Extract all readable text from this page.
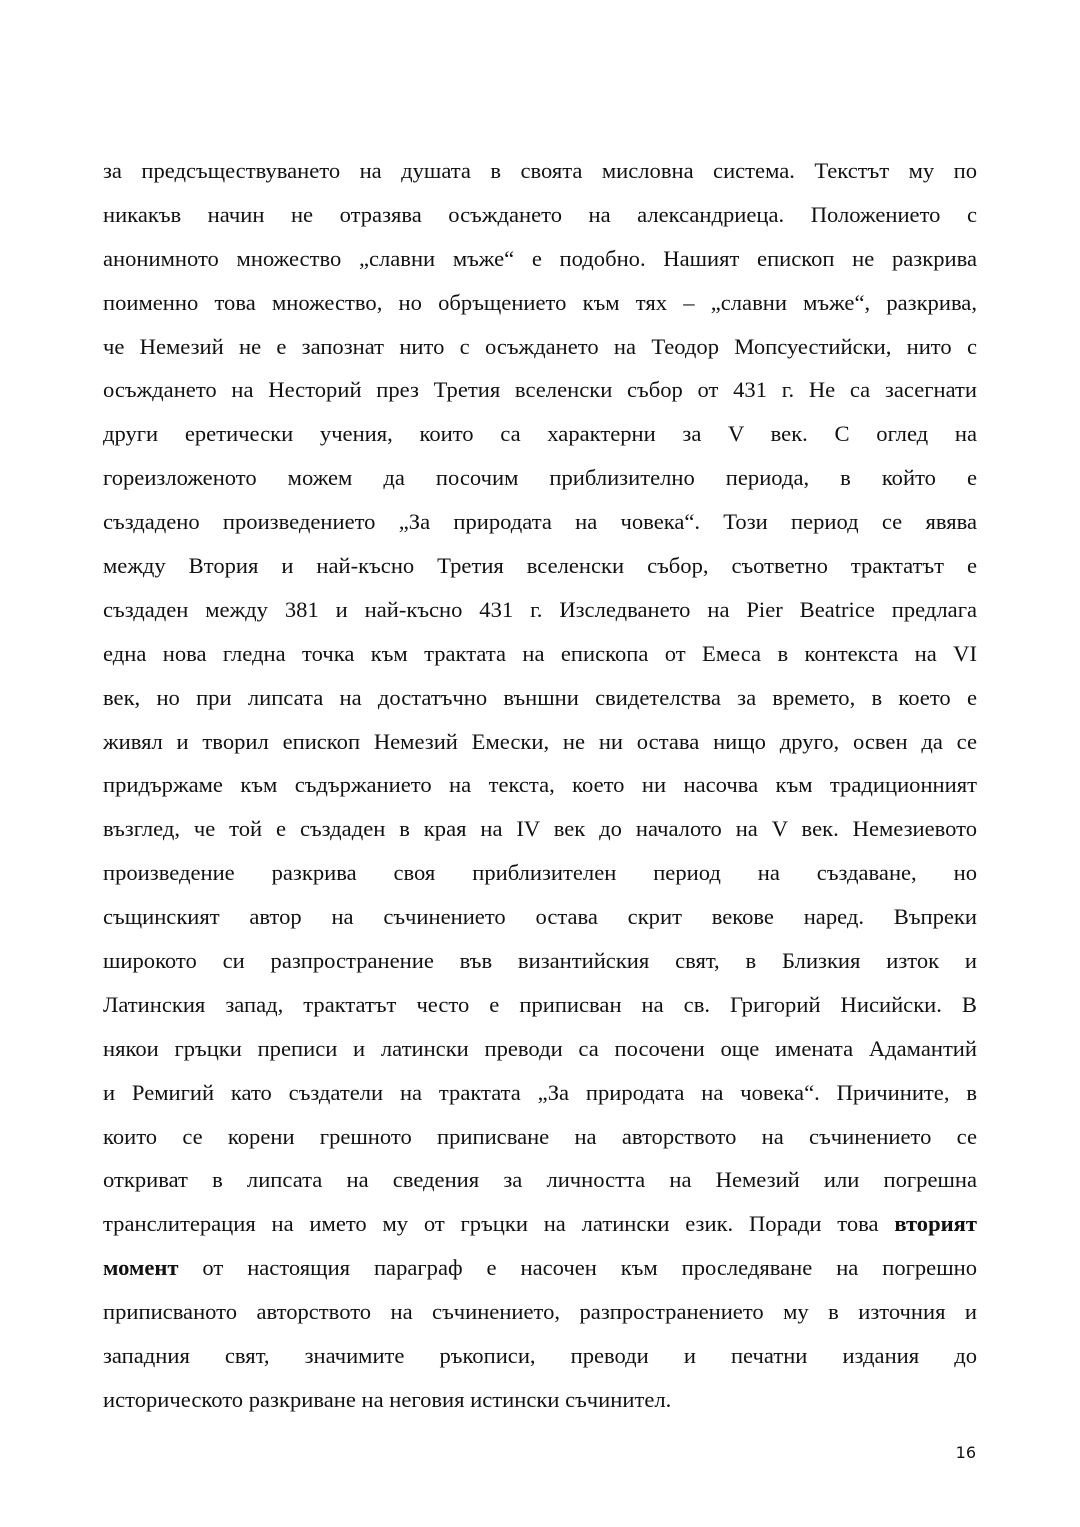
за предсъществуването на душата в своята мисловна система. Текстът му по
никакъв начин не отразява осъждането на александриеца. Положението с
анонимното множество „славни мъже“ е подобно. Нашият епископ не разкрива
поименно това множество, но обръщението към тях – „славни мъже“, разкрива,
че Немезий не е запознат нито с осъждането на Теодор Мопсуестийски, нито с
осъждането на Несторий през Третия вселенски събор от 431 г. Не са засегнати
други еретически учения, които са характерни за V век. С оглед на
гореизложеното можем да посочим приблизително периода, в който е
създадено произведението „За природата на човека“. Този период се явява
между Втория и най-късно Третия вселенски събор, съответно трактатът е
създаден между 381 и най-късно 431 г. Изследването на Pier Beatrice предлага
една нова гледна точка към трактата на епископа от Емеса в контекста на VI
век, но при липсата на достатъчно външни свидетелства за времето, в което е
живял и творил епископ Немезий Емески, не ни остава нищо друго, освен да се
придържаме към съдържанието на текста, което ни насочва към традиционният
възглед, че той е създаден в края на IV век до началото на V век. Немезиевото
произведение разкрива своя приблизителен период на създаване, но
същинският автор на съчинението остава скрит векове наред. Въпреки
широкото си разпространение във византийския свят, в Близкия изток и
Латинския запад, трактатът често е приписван на св. Григорий Нисийски. В
някои гръцки преписи и латински преводи са посочени още имената Адамантий
и Ремигий като създатели на трактата „За природата на човека“. Причините, в
които се корени грешното приписване на авторството на съчинението се
откриват в липсата на сведения за личността на Немезий или погрешна
транслитерация на името му от гръцки на латински език. Поради това вторият
момент от настоящия параграф е насочен към проследяване на погрешно
приписваното авторството на съчинението, разпространението му в източния и
западния свят, значимите ръкописи, преводи и печатни издания до
историческото разкриване на неговия истински съчинител.
16
